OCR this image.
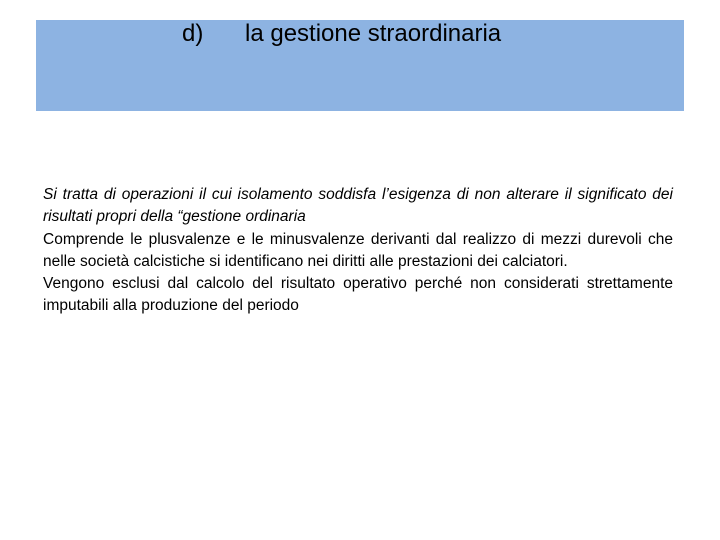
d) la gestione straordinaria

Si tratta di operazioni il cui isolamento soddisfa l’esigenza di non alterare il significato dei risultati propri della “gestione ordinaria

Comprende le plusvalenze e le minusvalenze derivanti dal realizzo di mezzi durevoli che nelle società calcistiche si identificano nei diritti alle prestazioni dei calciatori.

Vengono esclusi dal calcolo del risultato operativo perché non considerati strettamente imputabili alla produzione del periodo
